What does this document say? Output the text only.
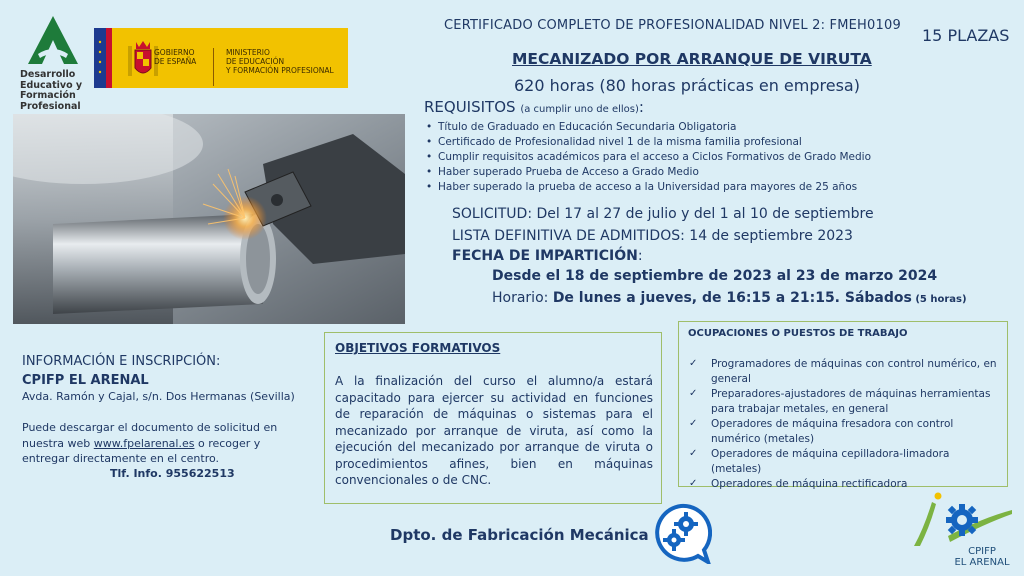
Desarrollo
Educativo y
Formación
Profesional
GOBIERNO
DE ESPAÑA
MINISTERIO
DE EDUCACIÓN
Y FORMACIÓN PROFESIONAL
CERTIFICADO COMPLETO DE PROFESIONALIDAD NIVEL 2: FMEH0109
15 PLAZAS
MECANIZADO POR ARRANQUE DE VIRUTA
620 horas (80 horas prácticas en empresa)
REQUISITOS (a cumplir uno de ellos):
• Título de Graduado en Educación Secundaria Obligatoria
• Certificado de Profesionalidad nivel 1 de la misma familia profesional
• Cumplir requisitos académicos para el acceso a Ciclos Formativos de Grado Medio
• Haber superado Prueba de Acceso a Grado Medio
• Haber superado la prueba de acceso a la Universidad para mayores de 25 años
SOLICITUD: Del 17 al 27 de julio y del 1 al 10 de septiembre
LISTA DEFINITIVA DE ADMITIDOS: 14 de septiembre 2023
FECHA DE IMPARTICIÓN:
Desde el 18 de septiembre de 2023 al 23 de marzo 2024
Horario: De lunes a jueves, de 16:15 a 21:15. Sábados (5 horas)
INFORMACIÓN E INSCRIPCIÓN:
CPIFP EL ARENAL
Avda. Ramón y Cajal, s/n. Dos Hermanas (Sevilla)
Puede descargar el documento de solicitud en nuestra web www.fpelarenal.es o recoger y entregar directamente en el centro.
Tlf. Info. 955622513
OBJETIVOS FORMATIVOS
A la finalización del curso el alumno/a estará capacitado para ejercer su actividad en funciones de reparación de máquinas o sistemas para el mecanizado por arranque de viruta, así como la ejecución del mecanizado por arranque de viruta o procedimientos afines, bien en máquinas convencionales o de CNC.
OCUPACIONES O PUESTOS DE TRABAJO
✓ Programadores de máquinas con control numérico, en general
✓ Preparadores-ajustadores de máquinas herramientas para trabajar metales, en general
✓ Operadores de máquina fresadora con control numérico (metales)
✓ Operadores de máquina cepilladora-limadora (metales)
✓ Operadores de máquina rectificadora
Dpto. de Fabricación Mecánica
CPIFP
EL ARENAL
